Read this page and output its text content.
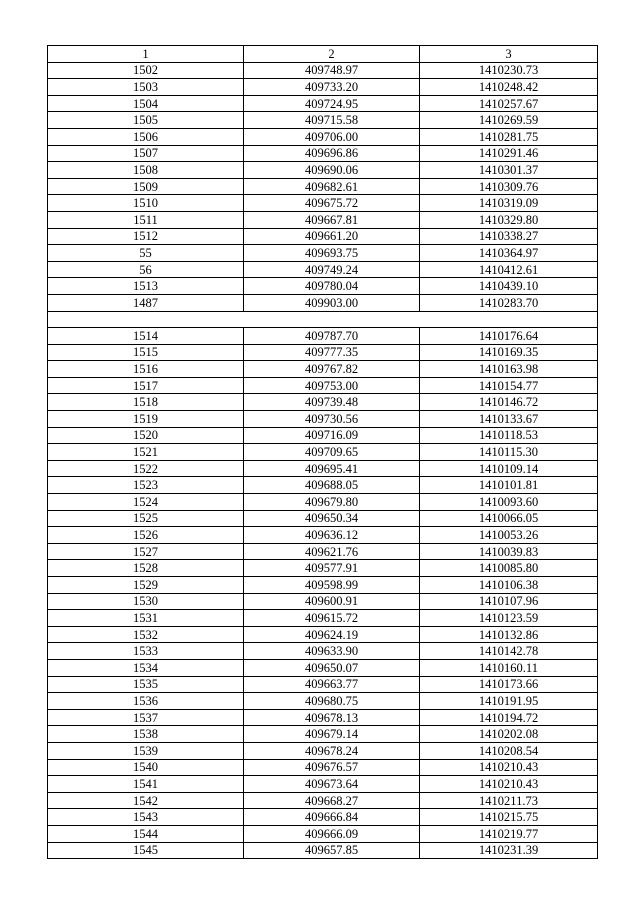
1	2	3
1502	409748.97	1410230.73
1503	409733.20	1410248.42
1504	409724.95	1410257.67
1505	409715.58	1410269.59
1506	409706.00	1410281.75
1507	409696.86	1410291.46
1508	409690.06	1410301.37
1509	409682.61	1410309.76
1510	409675.72	1410319.09
1511	409667.81	1410329.80
1512	409661.20	1410338.27
55	409693.75	1410364.97
56	409749.24	1410412.61
1513	409780.04	1410439.10
1487	409903.00	1410283.70

1514	409787.70	1410176.64
1515	409777.35	1410169.35
1516	409767.82	1410163.98
1517	409753.00	1410154.77
1518	409739.48	1410146.72
1519	409730.56	1410133.67
1520	409716.09	1410118.53
1521	409709.65	1410115.30
1522	409695.41	1410109.14
1523	409688.05	1410101.81
1524	409679.80	1410093.60
1525	409650.34	1410066.05
1526	409636.12	1410053.26
1527	409621.76	1410039.83
1528	409577.91	1410085.80
1529	409598.99	1410106.38
1530	409600.91	1410107.96
1531	409615.72	1410123.59
1532	409624.19	1410132.86
1533	409633.90	1410142.78
1534	409650.07	1410160.11
1535	409663.77	1410173.66
1536	409680.75	1410191.95
1537	409678.13	1410194.72
1538	409679.14	1410202.08
1539	409678.24	1410208.54
1540	409676.57	1410210.43
1541	409673.64	1410210.43
1542	409668.27	1410211.73
1543	409666.84	1410215.75
1544	409666.09	1410219.77
1545	409657.85	1410231.39
